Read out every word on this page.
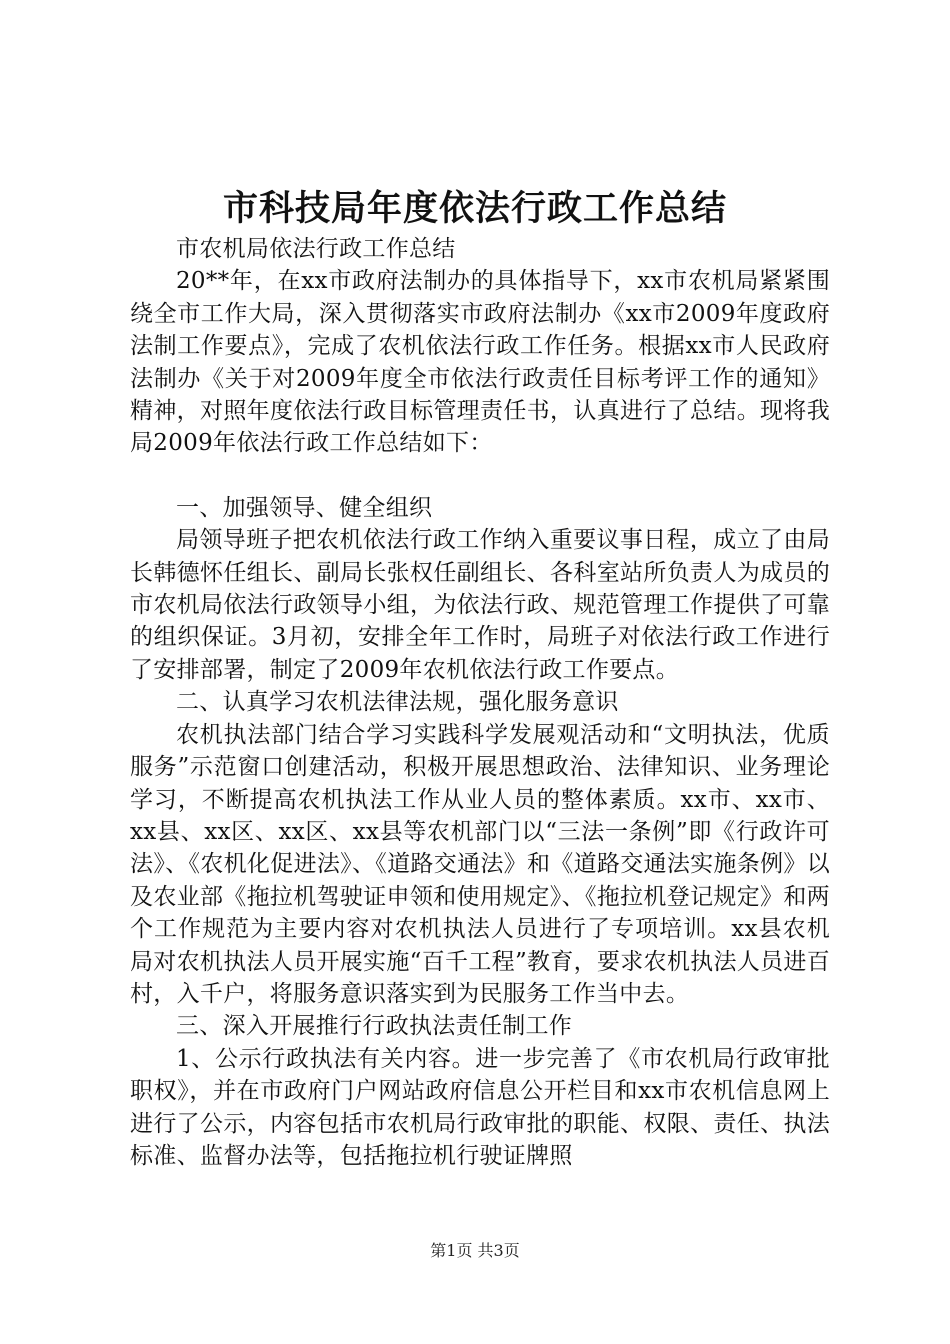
市科技局年度依法行政工作总结

市农机局依法行政工作总结

20**年，在xx市政府法制办的具体指导下，xx市农机局紧紧围绕全市工作大局，深入贯彻落实市政府法制办《xx市2009年度政府法制工作要点》，完成了农机依法行政工作任务。根据xx市人民政府法制办《关于对2009年度全市依法行政责任目标考评工作的通知》精神，对照年度依法行政目标管理责任书，认真进行了总结。现将我局2009年依法行政工作总结如下：

一、加强领导、健全组织

局领导班子把农机依法行政工作纳入重要议事日程，成立了由局长韩德怀任组长、副局长张权任副组长、各科室站所负责人为成员的市农机局依法行政领导小组，为依法行政、规范管理工作提供了可靠的组织保证。3月初，安排全年工作时，局班子对依法行政工作进行了安排部署，制定了2009年农机依法行政工作要点。

二、认真学习农机法律法规，强化服务意识

农机执法部门结合学习实践科学发展观活动和“文明执法，优质服务”示范窗口创建活动，积极开展思想政治、法律知识、业务理论学习，不断提高农机执法工作从业人员的整体素质。xx市、xx市、xx县、xx区、xx区、xx县等农机部门以“三法一条例”即《行政许可法》、《农机化促进法》、《道路交通法》和《道路交通法实施条例》以及农业部《拖拉机驾驶证申领和使用规定》、《拖拉机登记规定》和两个工作规范为主要内容对农机执法人员进行了专项培训。xx县农机局对农机执法人员开展实施“百千工程”教育，要求农机执法人员进百村，入千户，将服务意识落实到为民服务工作当中去。

三、深入开展推行行政执法责任制工作

1、公示行政执法有关内容。进一步完善了《市农机局行政审批职权》，并在市政府门户网站政府信息公开栏目和xx市农机信息网上进行了公示，内容包括市农机局行政审批的职能、权限、责任、执法标准、监督办法等，包括拖拉机行驶证牌照

第1页 共3页
